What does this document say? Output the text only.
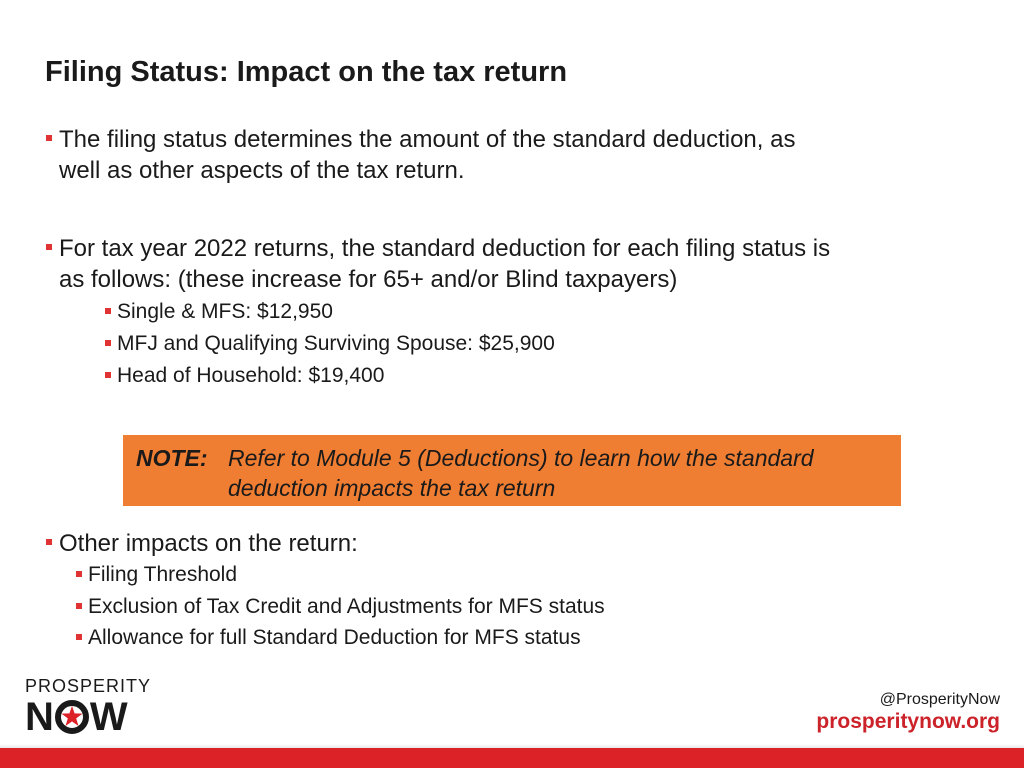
Filing Status: Impact on the tax return
The filing status determines the amount of the standard deduction, as
well as other aspects of the tax return.
For tax year 2022 returns, the standard deduction for each filing status is
as follows: (these increase for 65+ and/or Blind taxpayers)
Single & MFS: $12,950
MFJ and Qualifying Surviving Spouse: $25,900
Head of Household: $19,400
NOTE: Refer to Module 5 (Deductions) to learn how the standard
deduction impacts the tax return
Other impacts on the return:
Filing Threshold
Exclusion of Tax Credit and Adjustments for MFS status
Allowance for full Standard Deduction for MFS status
PROSPERITY
N W	@ProsperityNow
prosperitynow.org
